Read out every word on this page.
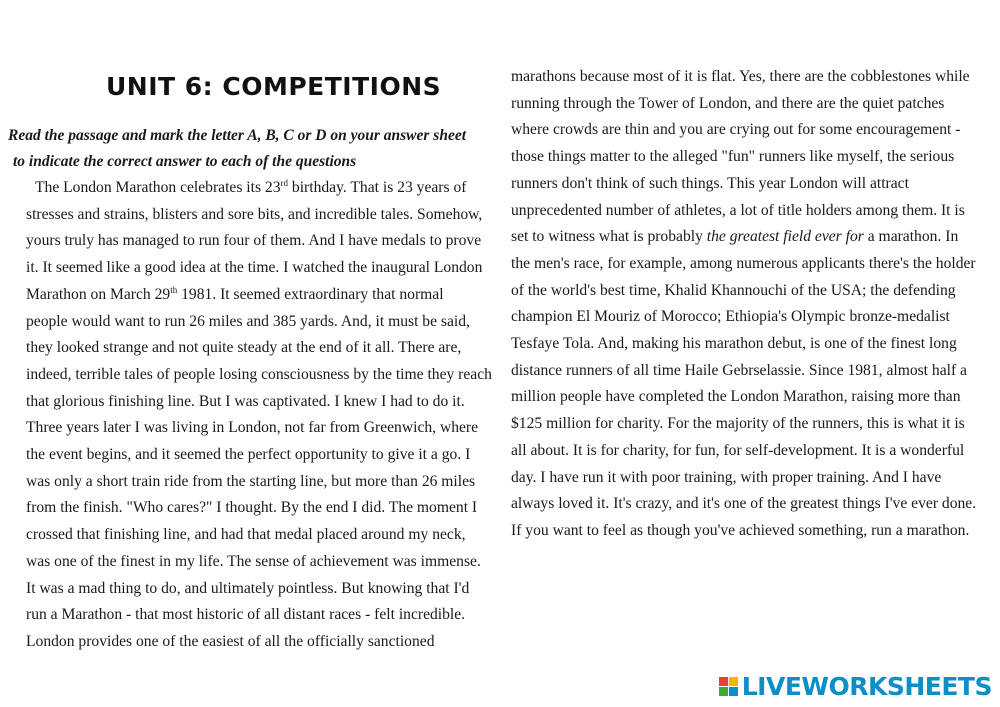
UNIT 6: COMPETITIONS
Read the passage and mark the letter A, B, C or D on your answer sheet
to indicate the correct answer to each of the questions
The London Marathon celebrates its 23rd birthday. That is 23 years of
stresses and strains, blisters and sore bits, and incredible tales. Somehow,
yours truly has managed to run four of them. And I have medals to prove
it. It seemed like a good idea at the time. I watched the inaugural London
Marathon on March 29th 1981. It seemed extraordinary that normal
people would want to run 26 miles and 385 yards. And, it must be said,
they looked strange and not quite steady at the end of it all. There are,
indeed, terrible tales of people losing consciousness by the time they reach
that glorious finishing line. But I was captivated. I knew I had to do it.
Three years later I was living in London, not far from Greenwich, where
the event begins, and it seemed the perfect opportunity to give it a go. I
was only a short train ride from the starting line, but more than 26 miles
from the finish. "Who cares?" I thought. By the end I did. The moment I
crossed that finishing line, and had that medal placed around my neck,
was one of the finest in my life. The sense of achievement was immense.
It was a mad thing to do, and ultimately pointless. But knowing that I'd
run a Marathon - that most historic of all distant races - felt incredible.
London provides one of the easiest of all the officially sanctioned
marathons because most of it is flat. Yes, there are the cobblestones while
running through the Tower of London, and there are the quiet patches
where crowds are thin and you are crying out for some encouragement -
those things matter to the alleged "fun" runners like myself, the serious
runners don't think of such things. This year London will attract
unprecedented number of athletes, a lot of title holders among them. It is
set to witness what is probably the greatest field ever for a marathon. In
the men's race, for example, among numerous applicants there's the holder
of the world's best time, Khalid Khannouchi of the USA; the defending
champion El Mouriz of Morocco; Ethiopia's Olympic bronze-medalist
Tesfaye Tola. And, making his marathon debut, is one of the finest long
distance runners of all time Haile Gebrselassie. Since 1981, almost half a
million people have completed the London Marathon, raising more than
$125 million for charity. For the majority of the runners, this is what it is
all about. It is for charity, for fun, for self-development. It is a wonderful
day. I have run it with poor training, with proper training. And I have
always loved it. It's crazy, and it's one of the greatest things I've ever done.
If you want to feel as though you've achieved something, run a marathon.
LIVEWORKSHEETS
